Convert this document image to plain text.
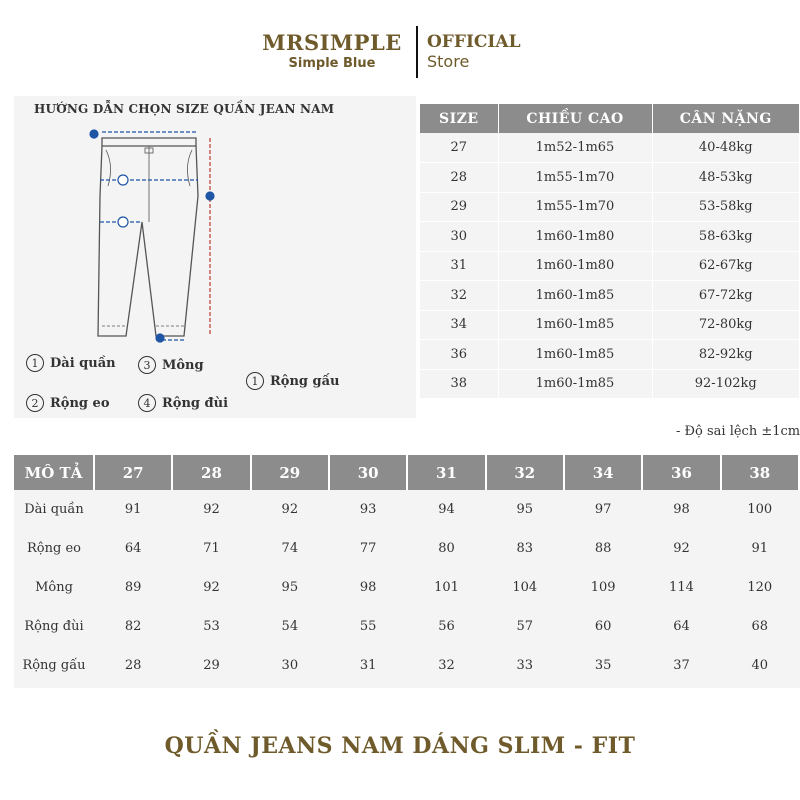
MRSIMPLE
Simple Blue
OFFICIAL
Store
HƯỚNG DẪN CHỌN SIZE QUẦN JEAN NAM
1 Dài quần	3 Mông
1 Rộng gấu
2 Rộng eo	4 Rộng đùi
SIZE	CHIỀU CAO	CÂN NẶNG
27	1m52-1m65	40-48kg
28	1m55-1m70	48-53kg
29	1m55-1m70	53-58kg
30	1m60-1m80	58-63kg
31	1m60-1m80	62-67kg
32	1m60-1m85	67-72kg
34	1m60-1m85	72-80kg
36	1m60-1m85	82-92kg
38	1m60-1m85	92-102kg
- Độ sai lệch ±1cm
MÔ TẢ	27	28	29	30	31	32	34	36	38
Dài quần	91	92	92	93	94	95	97	98	100
Rộng eo	64	71	74	77	80	83	88	92	91
Mông	89	92	95	98	101	104	109	114	120
Rộng đùi	82	53	54	55	56	57	60	64	68
Rộng gấu	28	29	30	31	32	33	35	37	40
QUẦN JEANS NAM DÁNG SLIM - FIT
